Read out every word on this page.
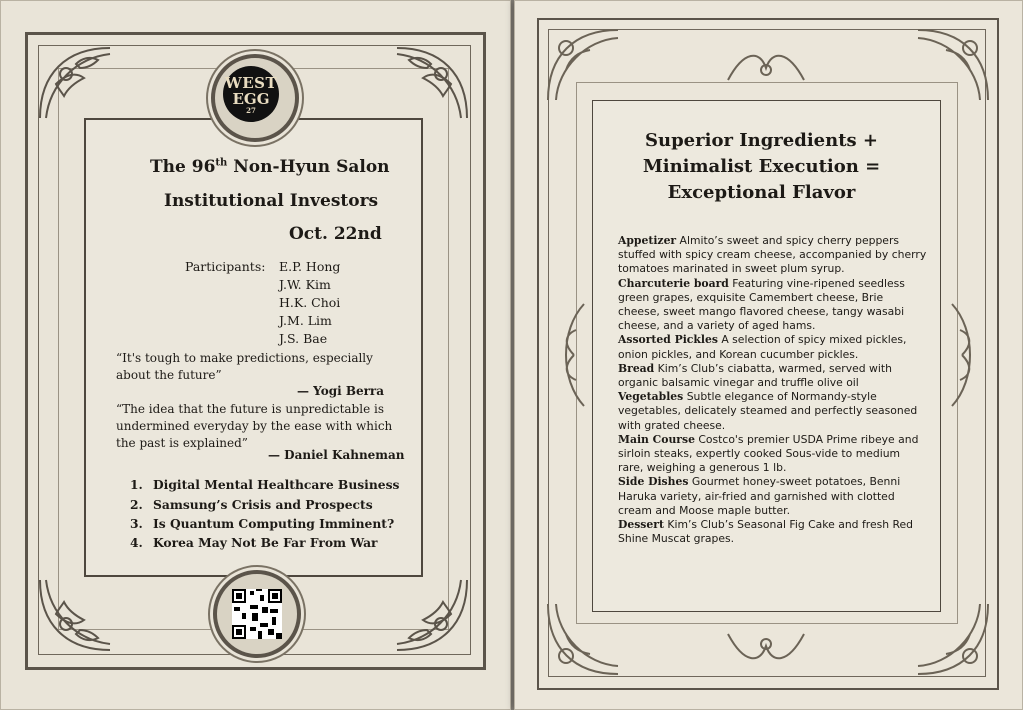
WEST
EGG
27
The 96th Non-Hyun Salon
Institutional Investors
Oct. 22nd
Participants: E.P. Hong
J.W. Kim
H.K. Choi
J.M. Lim
J.S. Bae
“It's tough to make predictions, especially about the future”
— Yogi Berra
“The idea that the future is unpredictable is undermined everyday by the ease with which the past is explained”
— Daniel Kahneman
1. Digital Mental Healthcare Business
2. Samsung’s Crisis and Prospects
3. Is Quantum Computing Imminent?
4. Korea May Not Be Far From War
Superior Ingredients +
Minimalist Execution =
Exceptional Flavor

Appetizer Almito’s sweet and spicy cherry peppers stuffed with spicy cream cheese, accompanied by cherry tomatoes marinated in sweet plum syrup.

Charcuterie board Featuring vine-ripened seedless green grapes, exquisite Camembert cheese, Brie cheese, sweet mango flavored cheese, tangy wasabi cheese, and a variety of aged hams.

Assorted Pickles A selection of spicy mixed pickles, onion pickles, and Korean cucumber pickles.

Bread Kim’s Club’s ciabatta, warmed, served with organic balsamic vinegar and truffle olive oil

Vegetables Subtle elegance of Normandy-style vegetables, delicately steamed and perfectly seasoned with grated cheese.

Main Course Costco's premier USDA Prime ribeye and sirloin steaks, expertly cooked Sous-vide to medium rare, weighing a generous 1 lb.

Side Dishes Gourmet honey-sweet potatoes, Benni Haruka variety, air-fried and garnished with clotted cream and Moose maple butter.

Dessert Kim’s Club’s Seasonal Fig Cake and fresh Red Shine Muscat grapes.
